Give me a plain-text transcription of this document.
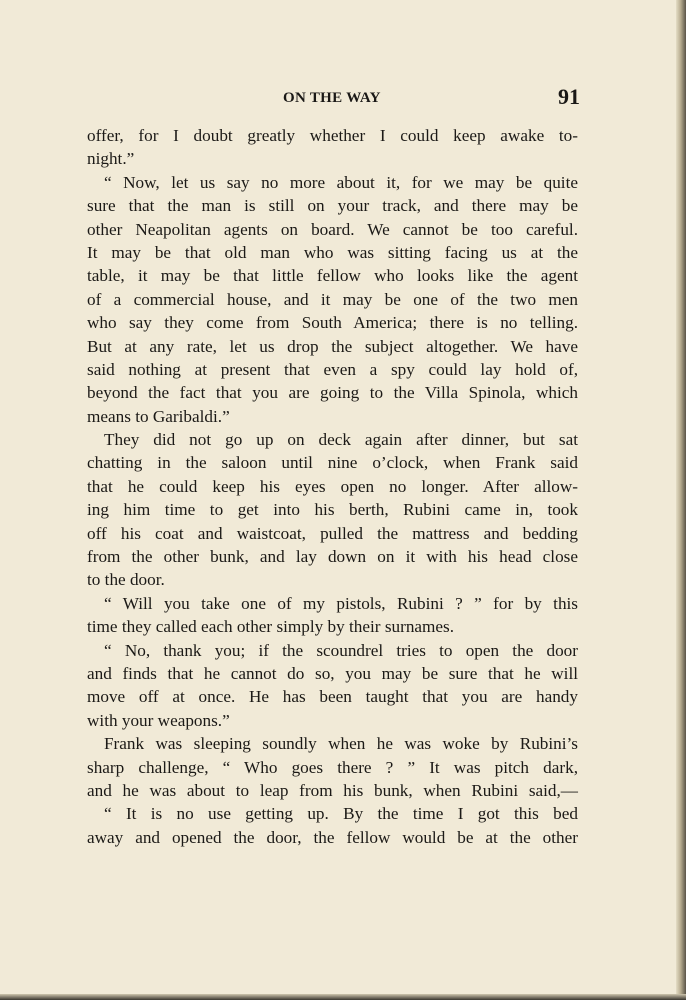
ON THE WAY	91
offer, for I doubt greatly whether I could keep awake to-
night.”
“ Now, let us say no more about it, for we may be quite
sure that the man is still on your track, and there may be
other Neapolitan agents on board. We cannot be too careful.
It may be that old man who was sitting facing us at the
table, it may be that little fellow who looks like the agent
of a commercial house, and it may be one of the two men
who say they come from South America; there is no telling.
But at any rate, let us drop the subject altogether. We have
said nothing at present that even a spy could lay hold of,
beyond the fact that you are going to the Villa Spinola, which
means to Garibaldi.”
They did not go up on deck again after dinner, but sat
chatting in the saloon until nine o’clock, when Frank said
that he could keep his eyes open no longer. After allow-
ing him time to get into his berth, Rubini came in, took
off his coat and waistcoat, pulled the mattress and bedding
from the other bunk, and lay down on it with his head close
to the door.
“ Will you take one of my pistols, Rubini ? ” for by this
time they called each other simply by their surnames.
“ No, thank you; if the scoundrel tries to open the door
and finds that he cannot do so, you may be sure that he will
move off at once. He has been taught that you are handy
with your weapons.”
Frank was sleeping soundly when he was woke by Rubini’s
sharp challenge, “ Who goes there ? ” It was pitch dark,
and he was about to leap from his bunk, when Rubini said,—
“ It is no use getting up. By the time I got this bed
away and opened the door, the fellow would be at the other
